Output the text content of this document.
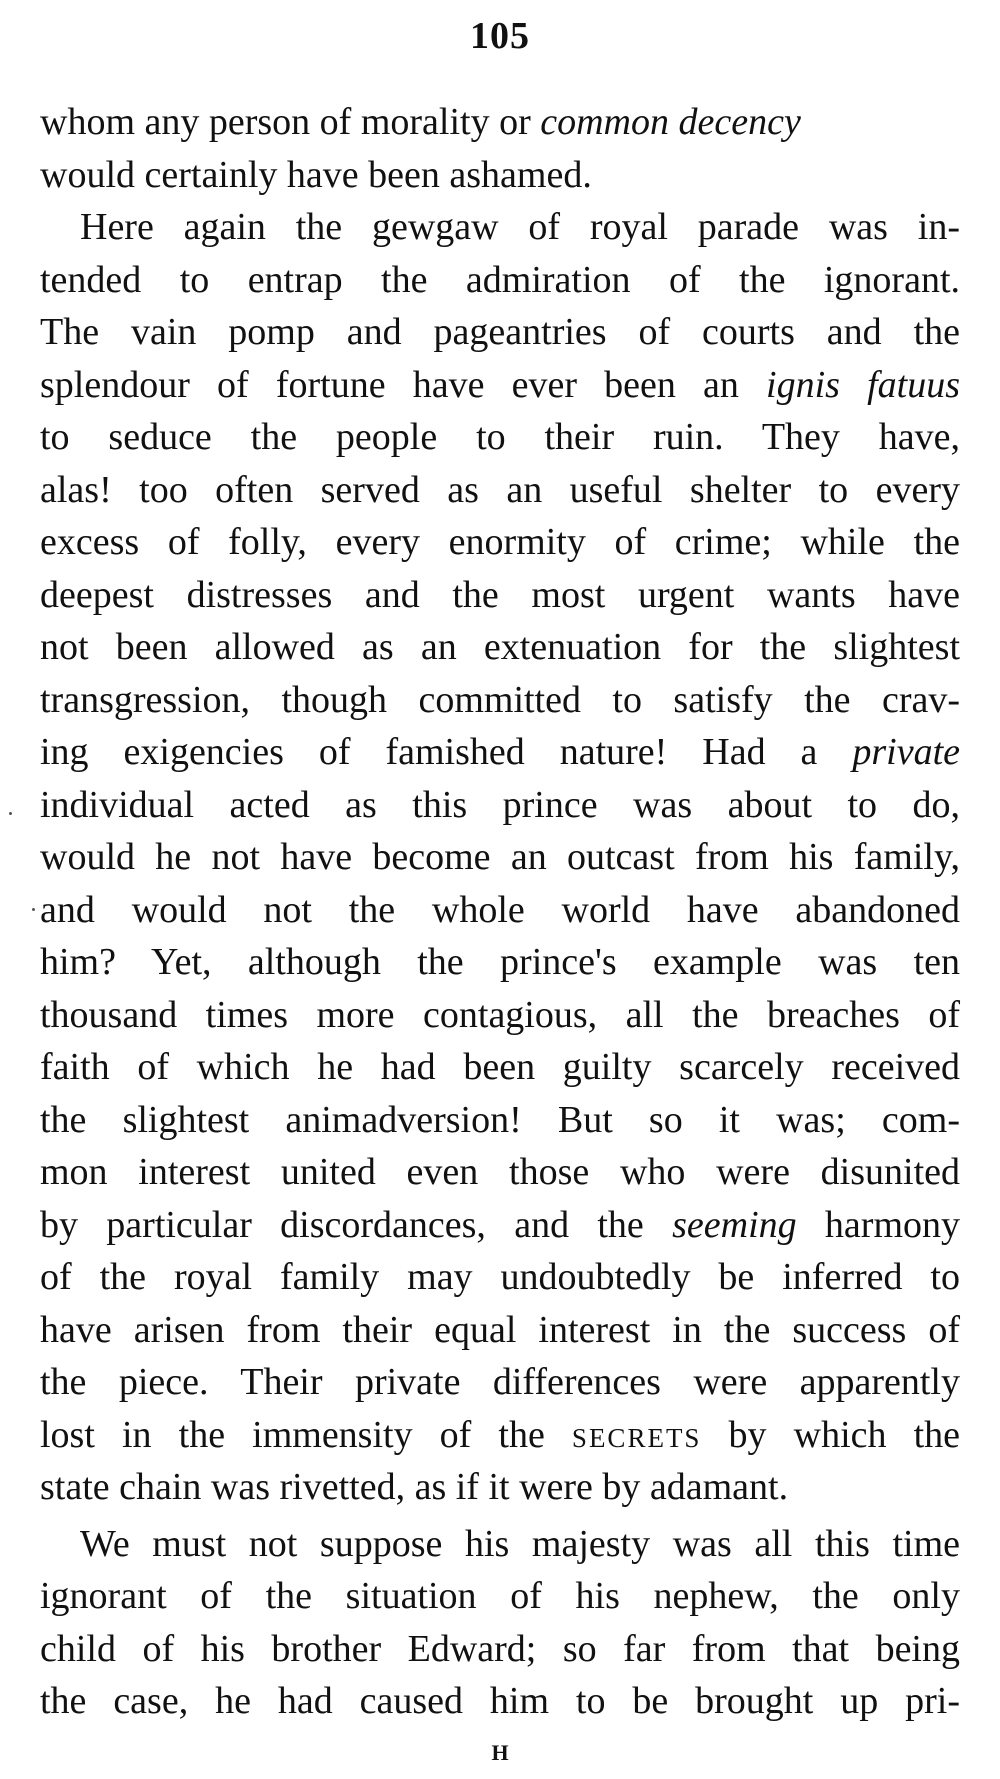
105
whom any person of morality or common decency
would certainly have been ashamed.
Here again the gewgaw of royal parade was in-
tended to entrap the admiration of the ignorant.
The vain pomp and pageantries of courts and the
splendour of fortune have ever been an ignis fatuus
to seduce the people to their ruin. They have,
alas! too often served as an useful shelter to every
excess of folly, every enormity of crime; while the
deepest distresses and the most urgent wants have
not been allowed as an extenuation for the slightest
transgression, though committed to satisfy the crav-
ing exigencies of famished nature! Had a private
individual acted as this prince was about to do,
would he not have become an outcast from his family,
and would not the whole world have abandoned
him? Yet, although the prince's example was ten
thousand times more contagious, all the breaches of
faith of which he had been guilty scarcely received
the slightest animadversion! But so it was; com-
mon interest united even those who were disunited
by particular discordances, and the seeming harmony
of the royal family may undoubtedly be inferred to
have arisen from their equal interest in the success of
the piece. Their private differences were apparently
lost in the immensity of the secrets by which the
state chain was rivetted, as if it were by adamant.
We must not suppose his majesty was all this time
ignorant of the situation of his nephew, the only
child of his brother Edward; so far from that being
the case, he had caused him to be brought up pri-
H
